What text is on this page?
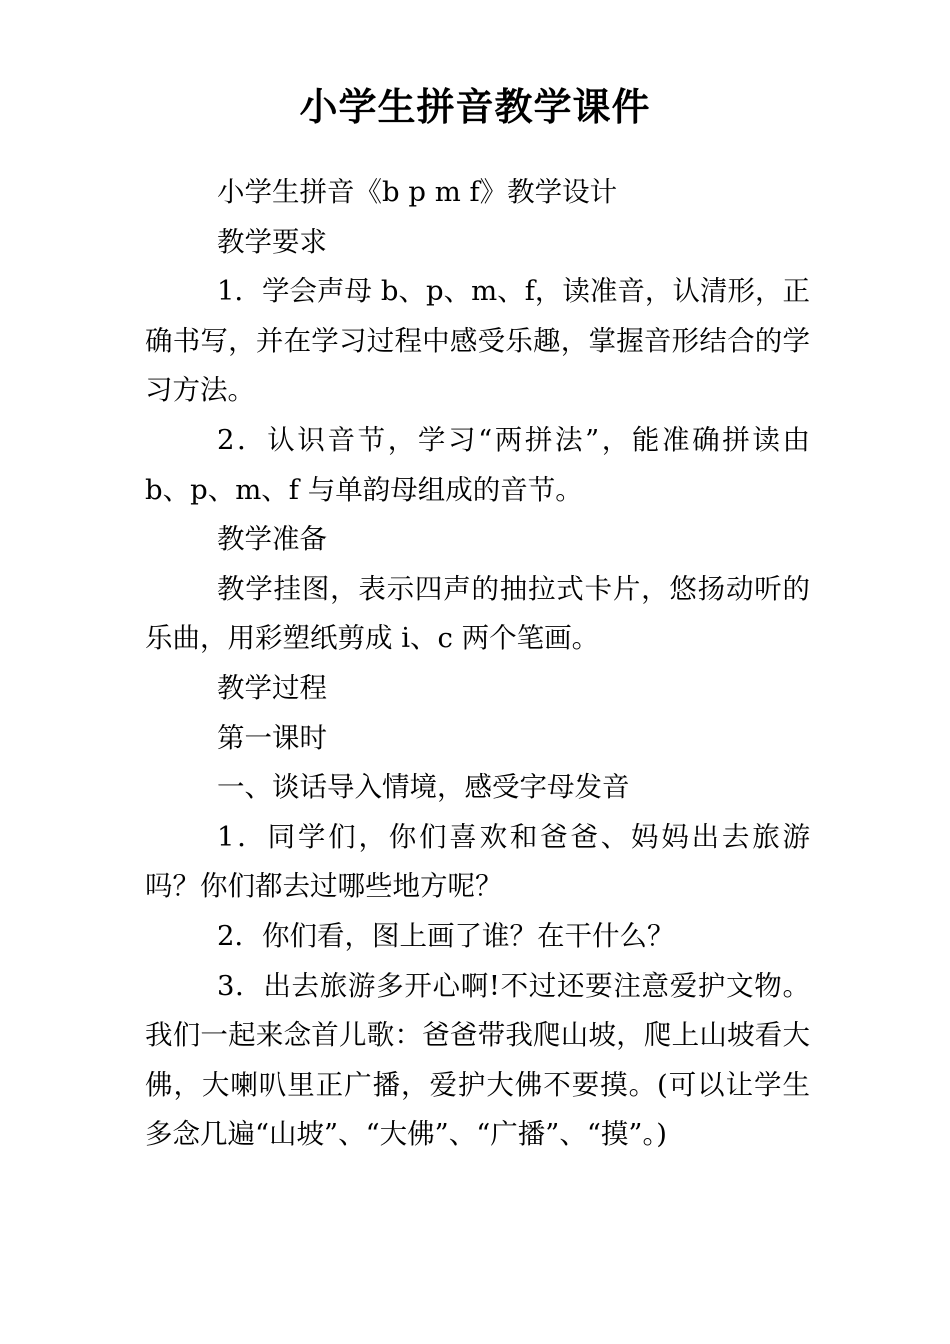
小学生拼音教学课件

小学生拼音《b p m f》教学设计

教学要求

1．学会声母 b、p、m、f，读准音，认清形，正确书写，并在学习过程中感受乐趣，掌握音形结合的学习方法。

2．认识音节，学习“两拼法”，能准确拼读由 b、p、m、f 与单韵母组成的音节。

教学准备

教学挂图，表示四声的抽拉式卡片，悠扬动听的乐曲，用彩塑纸剪成 i、c 两个笔画。

教学过程

第一课时

一、谈话导入情境，感受字母发音

1．同学们，你们喜欢和爸爸、妈妈出去旅游吗？你们都去过哪些地方呢？

2．你们看，图上画了谁？在干什么？

3．出去旅游多开心啊!不过还要注意爱护文物。我们一起来念首儿歌：爸爸带我爬山坡，爬上山坡看大佛，大喇叭里正广播，爱护大佛不要摸。(可以让学生多念几遍“山坡”、“大佛”、“广播”、“摸”。)
